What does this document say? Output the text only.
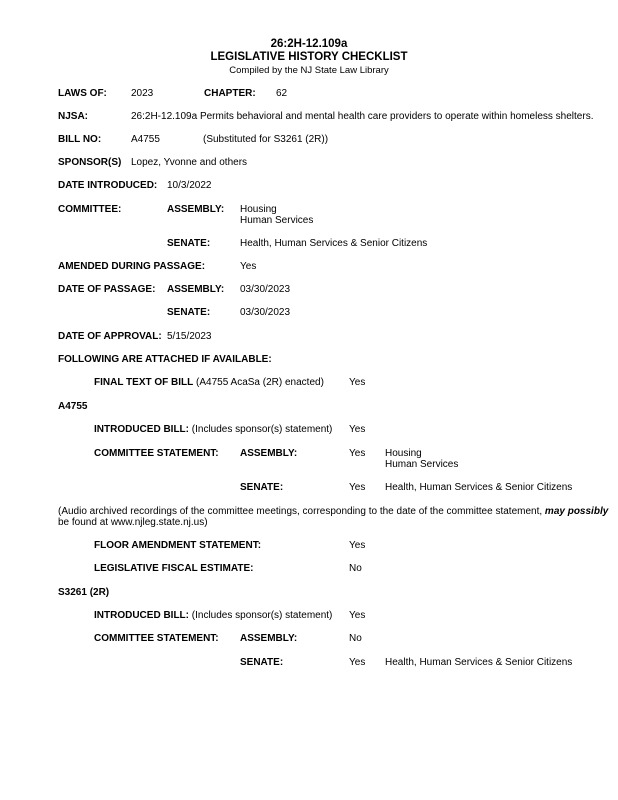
26:2H-12.109a
LEGISLATIVE HISTORY CHECKLIST
Compiled by the NJ State Law Library
LAWS OF: 2023	CHAPTER: 62
NJSA:	26:2H-12.109a Permits behavioral and mental health care providers to operate within homeless shelters.
BILL NO:	A4755	(Substituted for S3261 (2R))
SPONSOR(S) Lopez, Yvonne and others
DATE INTRODUCED: 10/3/2022
COMMITTEE:	ASSEMBLY: Housing
Human Services
SENATE:	Health, Human Services & Senior Citizens
AMENDED DURING PASSAGE:	Yes
DATE OF PASSAGE: ASSEMBLY: 03/30/2023
SENATE:	03/30/2023
DATE OF APPROVAL: 5/15/2023
FOLLOWING ARE ATTACHED IF AVAILABLE:
FINAL TEXT OF BILL (A4755 AcaSa (2R) enacted)	Yes
A4755
INTRODUCED BILL: (Includes sponsor(s) statement) Yes
COMMITTEE STATEMENT: ASSEMBLY:	Yes Housing
Human Services
SENATE:	Yes Health, Human Services & Senior Citizens
(Audio archived recordings of the committee meetings, corresponding to the date of the committee statement, may possibly
be found at www.njleg.state.nj.us)
FLOOR AMENDMENT STATEMENT:	Yes
LEGISLATIVE FISCAL ESTIMATE:	No
S3261 (2R)
INTRODUCED BILL: (Includes sponsor(s) statement) Yes
COMMITTEE STATEMENT: ASSEMBLY:	No
SENATE:	Yes Health, Human Services & Senior Citizens
